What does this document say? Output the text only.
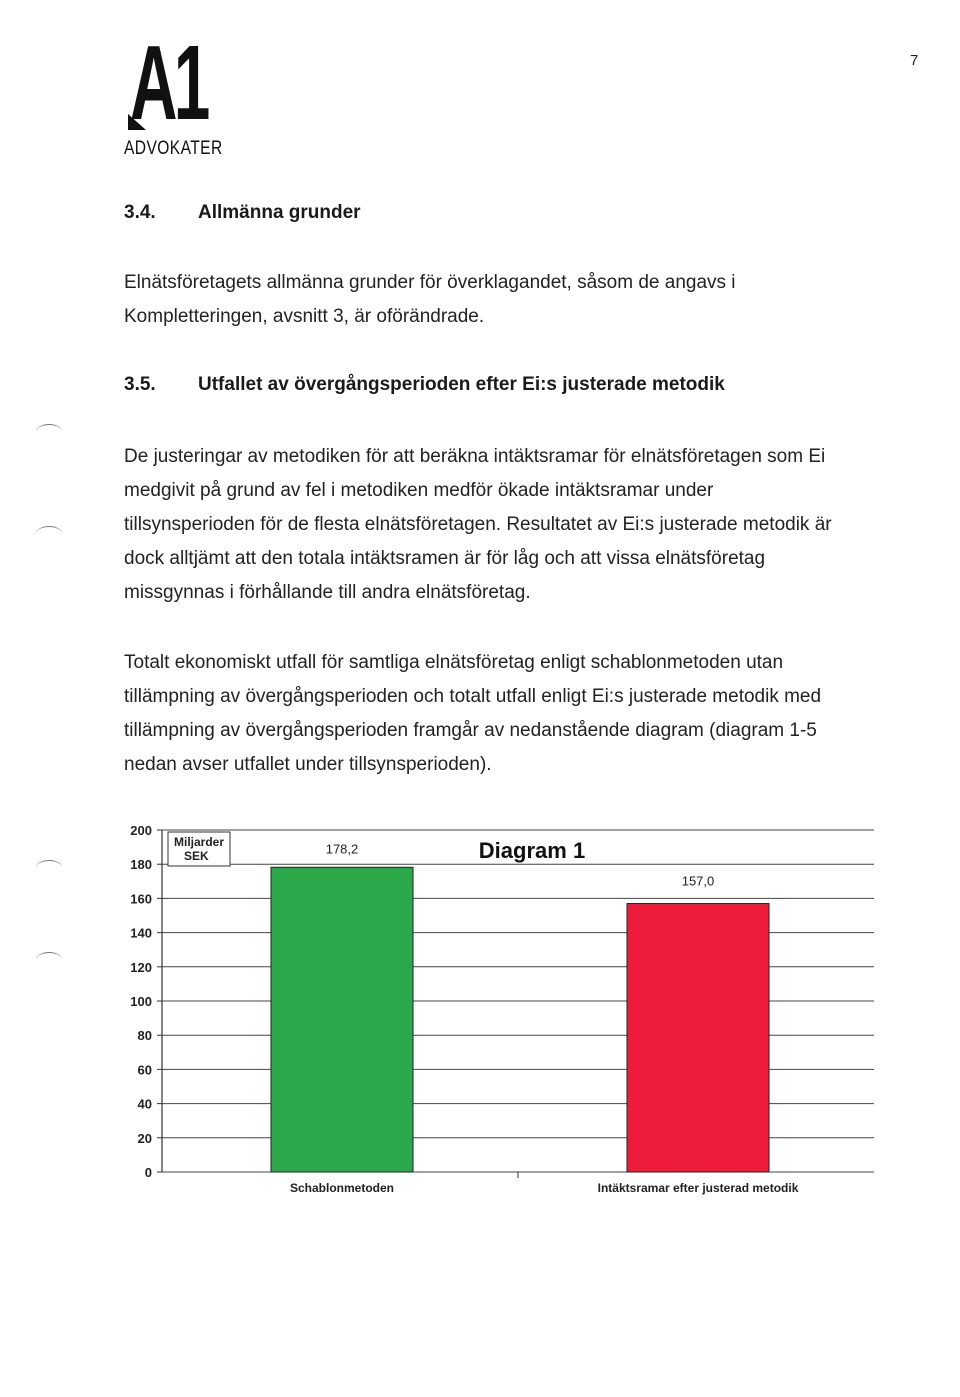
A1
ADVOKATER
7
3.4. Allmänna grunder
Elnätsföretagets allmänna grunder för överklagandet, såsom de angavs i
Kompletteringen, avsnitt 3, är oförändrade.
3.5. Utfallet av övergångsperioden efter Ei:s justerade metodik
De justeringar av metodiken för att beräkna intäktsramar för elnätsföretagen som Ei
medgivit på grund av fel i metodiken medför ökade intäktsramar under
tillsynsperioden för de flesta elnätsföretagen. Resultatet av Ei:s justerade metodik är
dock alltjämt att den totala intäktsramen är för låg och att vissa elnätsföretag
missgynnas i förhållande till andra elnätsföretag.
Totalt ekonomiskt utfall för samtliga elnätsföretag enligt schablonmetoden utan
tillämpning av övergångsperioden och totalt utfall enligt Ei:s justerade metodik med
tillämpning av övergångsperioden framgår av nedanstående diagram (diagram 1-5
nedan avser utfallet under tillsynsperioden).
0
20
40
60
80
100
120
140
160
180
200
178,2
Schablonmetoden
157,0
Intäktsramar efter justerad metodik
Miljarder
SEK	Diagram 1
